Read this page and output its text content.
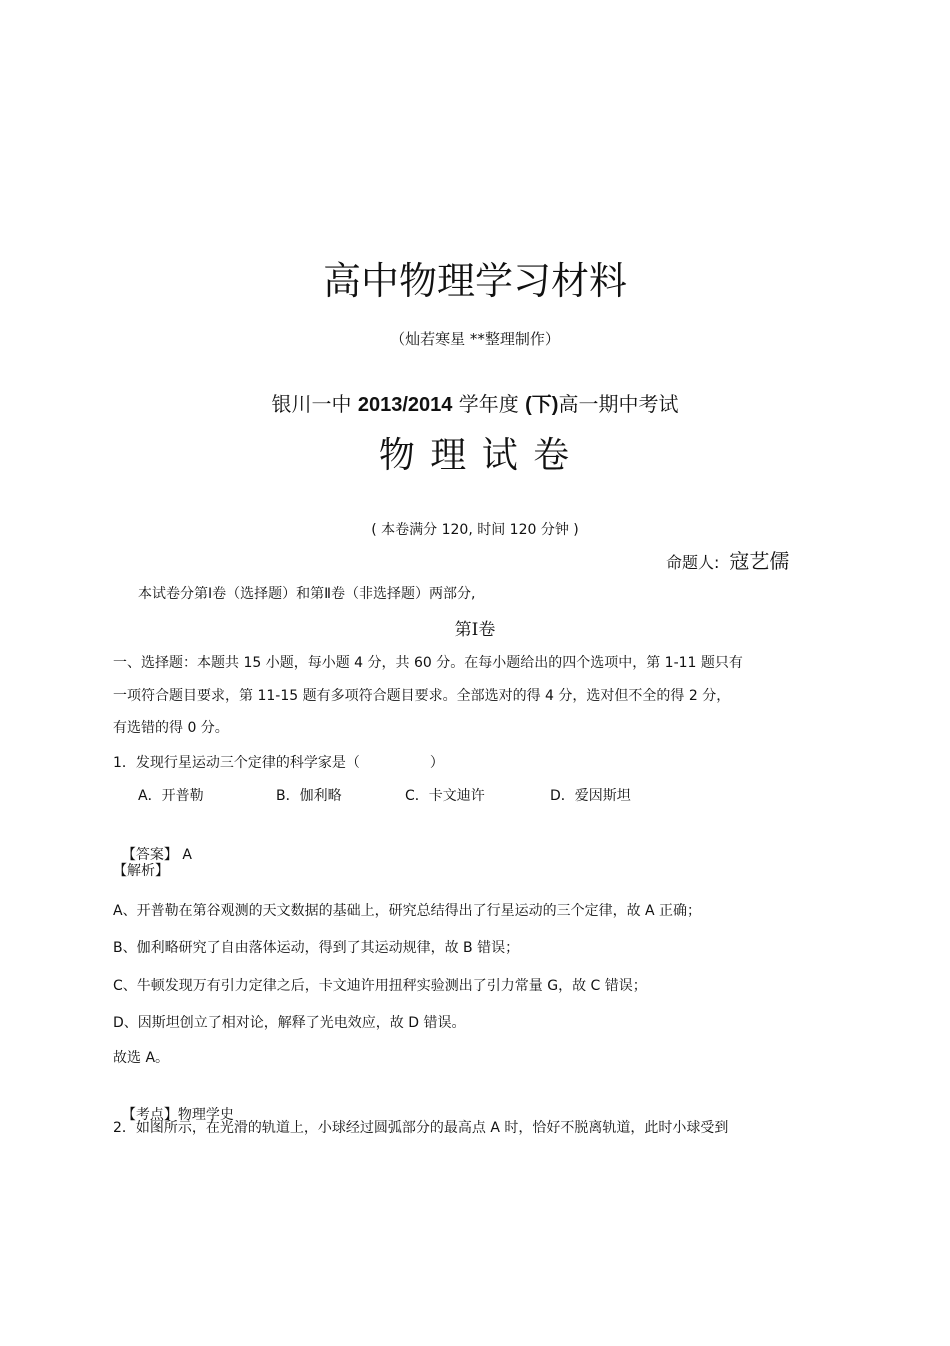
高中物理学习材料
（灿若寒星 **整理制作）
银川一中 2013/2014 学年度 (下)高一期中考试
物 理 试 卷
( 本卷满分 120, 时间 120 分钟 )
命题人: 寇艺儒
本试卷分第Ⅰ卷（选择题）和第Ⅱ卷（非选择题）两部分,
第Ⅰ卷
一、选择题：本题共 15 小题，每小题 4 分，共 60 分。在每小题给出的四个选项中，第 1-11 题只有
一项符合题目要求，第 11-15 题有多项符合题目要求。全部选对的得 4 分，选对但不全的得 2 分，
有选错的得 0 分。
1．发现行星运动三个定律的科学家是（　　　　　）
A．开普勒	B．伽利略	C．卡文迪许	D．爱因斯坦

【答案】 A

【解析】
A、开普勒在第谷观测的天文数据的基础上，研究总结得出了行星运动的三个定律，故 A 正确；
B、伽利略研究了自由落体运动，得到了其运动规律，故 B 错误；
C、牛顿发现万有引力定律之后，卡文迪许用扭秤实验测出了引力常量 G，故 C 错误；
D、因斯坦创立了相对论，解释了光电效应，故 D 错误。
故选 A。

【考点】物理学史

2．如图所示，在光滑的轨道上，小球经过圆弧部分的最高点 A 时，恰好不脱离轨道，此时小球受到
